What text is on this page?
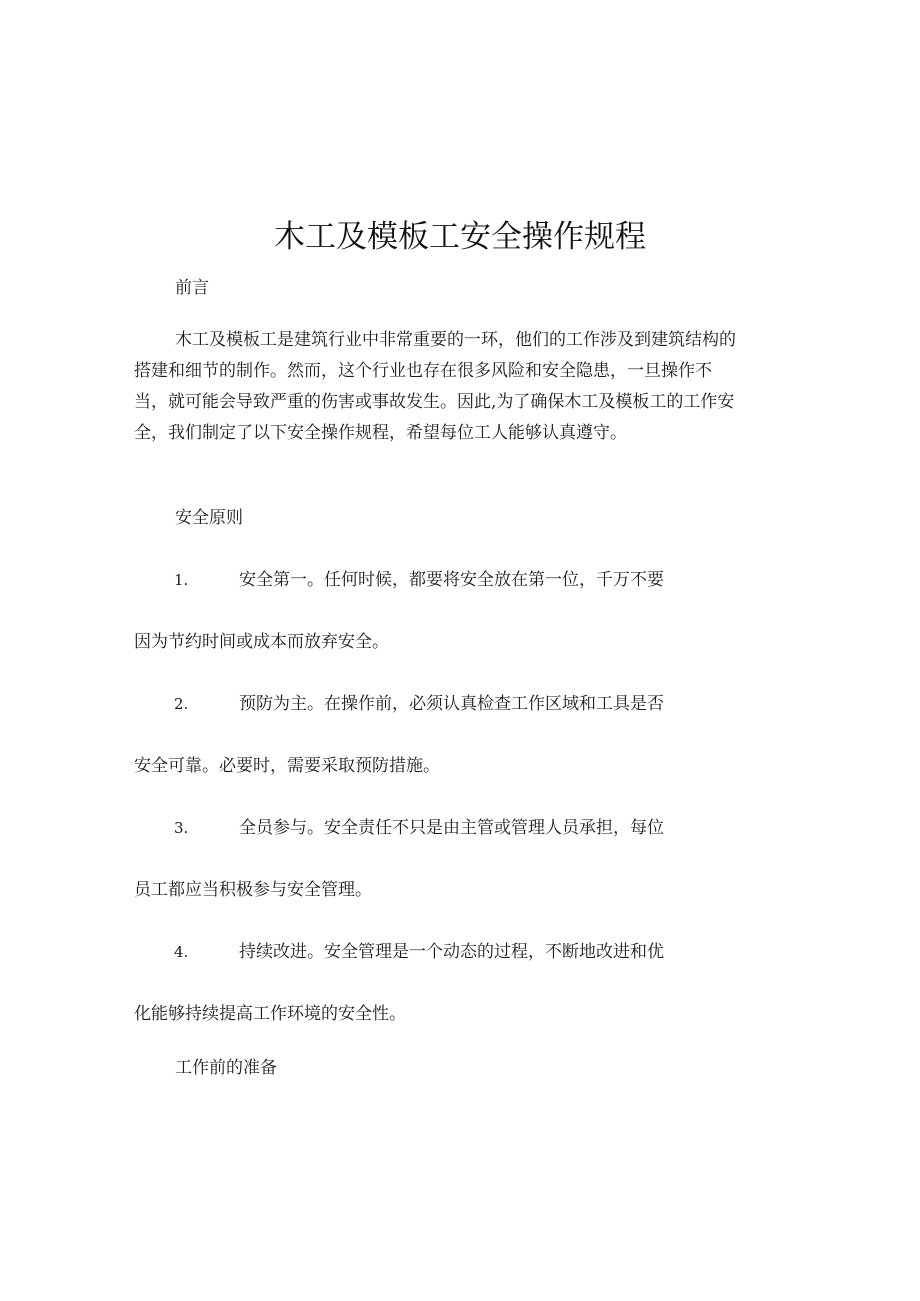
木工及模板工安全操作规程
前言
木工及模板工是建筑行业中非常重要的一环，他们的工作涉及到建筑结构的
搭建和细节的制作。然而，这个行业也存在很多风险和安全隐患，一旦操作不
当，就可能会导致严重的伤害或事故发生。因此,为了确保木工及模板工的工作安
全，我们制定了以下安全操作规程，希望每位工人能够认真遵守。
安全原则
1.	安全第一。任何时候，都要将安全放在第一位，千万不要
因为节约时间或成本而放弃安全。
2.	预防为主。在操作前，必须认真检查工作区域和工具是否
安全可靠。必要时，需要采取预防措施。
3.	全员参与。安全责任不只是由主管或管理人员承担，每位
员工都应当积极参与安全管理。
4.	持续改进。安全管理是一个动态的过程，不断地改进和优
化能够持续提高工作环境的安全性。
工作前的准备
